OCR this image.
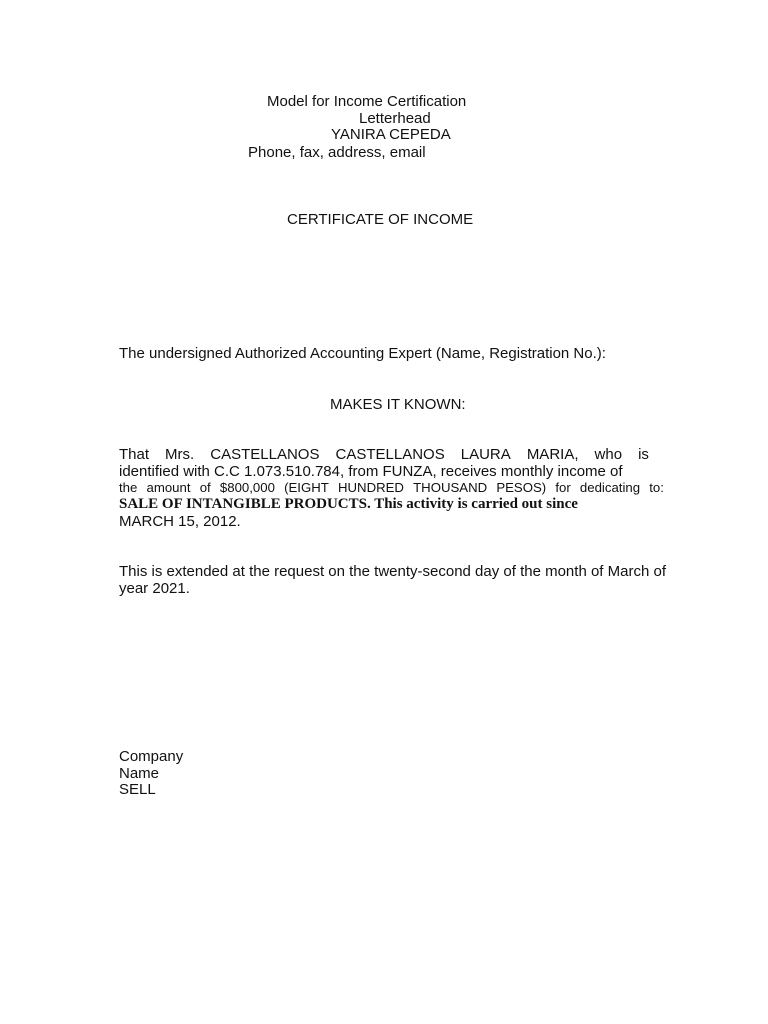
Model for Income Certification
Letterhead
YANIRA CEPEDA
Phone, fax, address, email
CERTIFICATE OF INCOME
The undersigned Authorized Accounting Expert (Name, Registration No.):
MAKES IT KNOWN:
That Mrs. CASTELLANOS CASTELLANOS LAURA MARIA, who is
identified with C.C 1.073.510.784, from FUNZA, receives monthly income of
the amount of $800,000 (EIGHT HUNDRED THOUSAND PESOS) for dedicating to:
SALE OF INTANGIBLE PRODUCTS. This activity is carried out since
MARCH 15, 2012.
This is extended at the request on the twenty-second day of the month of March of
year 2021.
Company
Name
SELL
